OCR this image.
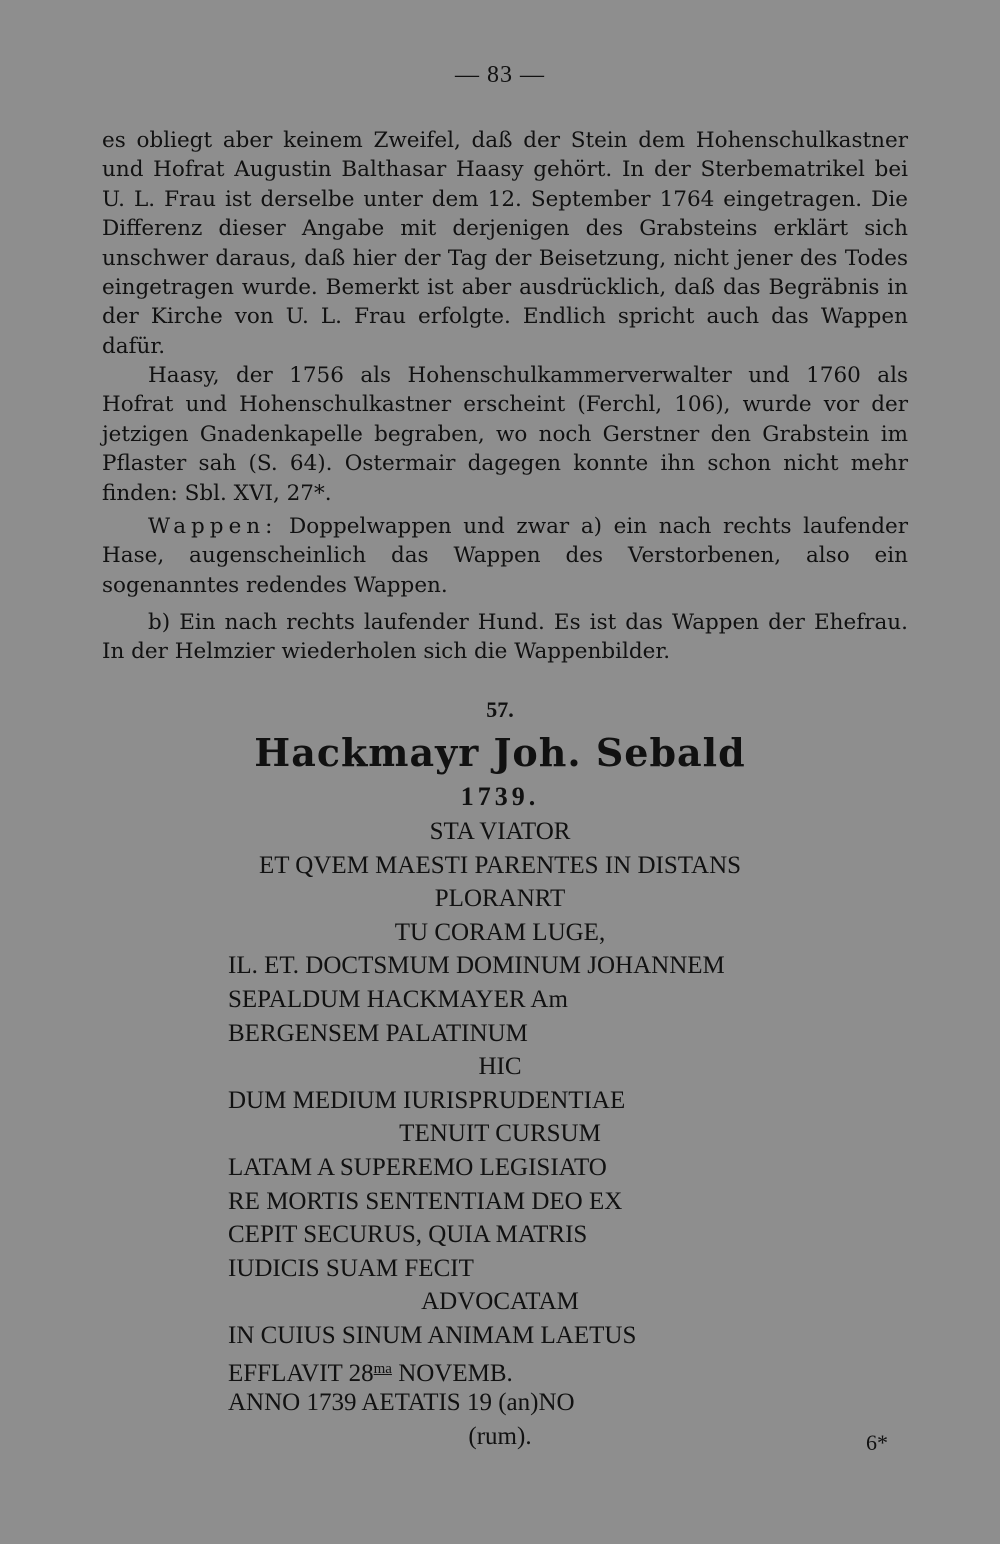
— 83 —

es obliegt aber keinem Zweifel, daß der Stein dem Hohenschulkastner und Hofrat Augustin Balthasar Haasy gehört. In der Sterbematrikel bei U. L. Frau ist derselbe unter dem 12. September 1764 eingetragen. Die Differenz dieser Angabe mit derjenigen des Grabsteins erklärt sich unschwer daraus, daß hier der Tag der Beisetzung, nicht jener des Todes eingetragen wurde. Bemerkt ist aber ausdrücklich, daß das Begräbnis in der Kirche von U. L. Frau erfolgte. Endlich spricht auch das Wappen dafür.

Haasy, der 1756 als Hohenschulkammerverwalter und 1760 als Hofrat und Hohenschulkastner erscheint (Ferchl, 106), wurde vor der jetzigen Gnadenkapelle begraben, wo noch Gerstner den Grabstein im Pflaster sah (S. 64). Ostermair dagegen konnte ihn schon nicht mehr finden: Sbl. XVI, 27*.

Wappen: Doppelwappen und zwar a) ein nach rechts laufender Hase, augenscheinlich das Wappen des Verstorbenen, also ein sogenanntes redendes Wappen.

b) Ein nach rechts laufender Hund. Es ist das Wappen der Ehefrau. In der Helmzier wiederholen sich die Wappenbilder.

57.
Hackmayr Joh. Sebald
1739.
STA VIATOR
ET QVEM MAESTI PARENTES IN DISTANS
PLORANRT
TU CORAM LUGE,
IL. ET. DOCTSMUM DOMINUM JOHANNEM
SEPALDUM HACKMAYER Am
BERGENSEM PALATINUM
HIC
DUM MEDIUM IURISPRUDENTIAE
TENUIT CURSUM
LATAM A SUPEREMO LEGISIATO
RE MORTIS SENTENTIAM DEO EX
CEPIT SECURUS, QUIA MATRIS
IUDICIS SUAM FECIT
ADVOCATAM
IN CUIUS SINUM ANIMAM LAETUS
EFFLAVIT $28^{ma}$ NOVEMB.
ANNO 1739 AETATIS 19 (an)NO
(rum).	6*
